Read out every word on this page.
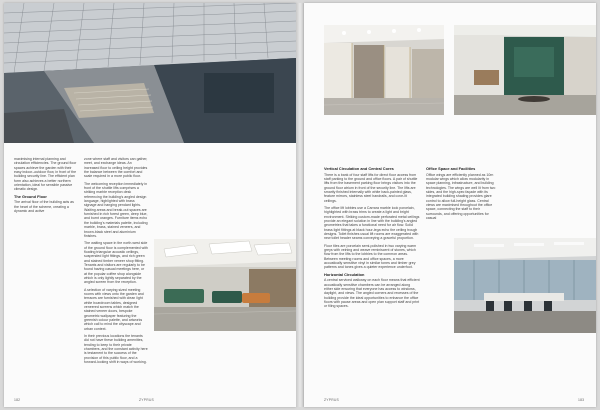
maximising internal planning and circulation efficiencies. The ground floor spaces achieve the garden with their easy indoor–outdoor flow, in front of the building security line. The efficient plan form also achieves a better northern orientation, ideal for sensible passive climatic design.

The Ground Floor

The arrival floor of the building acts as the heart of the scheme, creating a dynamic and active

zone where staff and visitors can gather, meet, and exchange ideas. An increased floor to ceiling height provides the balance between the comfort and scale required in a more public floor.

The welcoming reception immediately in front of the shuttle lifts comprises a striking marble reception desk referencing the building's angled design language, highlighted with brass signage and hanging pendant lights. Waiting areas and break-out spaces are furnished in rich forest green, deep blue, and burnt oranges. Furniture items echo the building's materials palette, including marble, brass, stained veneers, and brown-black steel and aluminium finishes.

The waiting space in the north-west side of the ground floor is complemented with floating triangular acoustic ceilings, suspended light fittings, and rich green and stained timber veneer shop fitting. Tenants and visitors are regularly to be found having casual meetings here, or at the popular coffee shop alongside which is only lightly separated by the angled screen from the reception.

A selection of varying sized meeting rooms with views onto the garden and terraces are furnished with clean light white boardroom tables, designed veneered screens which match the stained veneer doors, bespoke geometric wallpaper featuring the greenish colour palette, and artworks which call to mind the cityscape and urban context.

In their previous locations the tenants did not have these building amenities, tending to keep to their private chambers, and the constant activity here is testament to the success of the provision of this public floor, and a forward-looking shift in ways of working.

182	ZYPRUS
Vertical Circulation and Central Cores

There is a bank of four staff lifts for direct floor access from staff parking to the ground and office floors. A pair of shuttle lifts from the basement parking floor brings visitors into the ground floor atrium in front of the security line. The lifts are smartly finished internally with white back-painted glass, feature mirrors, stainless steel handrails, and cove-lit ceilings.

The office lift lobbies use a Carrara marble look porcelain, highlighted with brass trims to create a light and bright environment. Striking custom-made perforated metal ceilings provide an elegant solution in line with the building's angled geometries that takes a functional need for air flow. Solid brass light fittings at black hour-lega echo the ceiling trough designs. Toilet finishes usual lift rooms are exaggerated with new toilet header seams conveying a graceful proportion.

Floor tiles are porcelain semi-polished in two varying warm greys with veining and weave reminiscent of stones, which flow from the lifts to the lobbies to the common areas. Between meeting rooms and office spaces, a more acoustically sensitive vinyl in similar tones and timber grey patterns and tones gives a quieter experience underfoot.

Horizontal Circulation

A central serviced walkway on each floor means that efficient acoustically sensitive chambers can be arranged along either side ensuring that everyone has access to windows, daylight, and views. The angled corners and recesses of the building provide the ideal opportunities to enhance the office floors with pause areas and open plan support staff and print or filing spaces.

Office Space and Facilities

Office wings are efficiently planned as 10m modular wings which allow modularity in space planning, infrastructure, and building technologies. The wings are well lit from two sides, and the high-spec façade with its integrated building shading provides glare control to allow full-height glass. Central views are maximised throughout the office space, connecting the staff to their surrounds, and offering opportunities for casual

ZYPRUS	183
